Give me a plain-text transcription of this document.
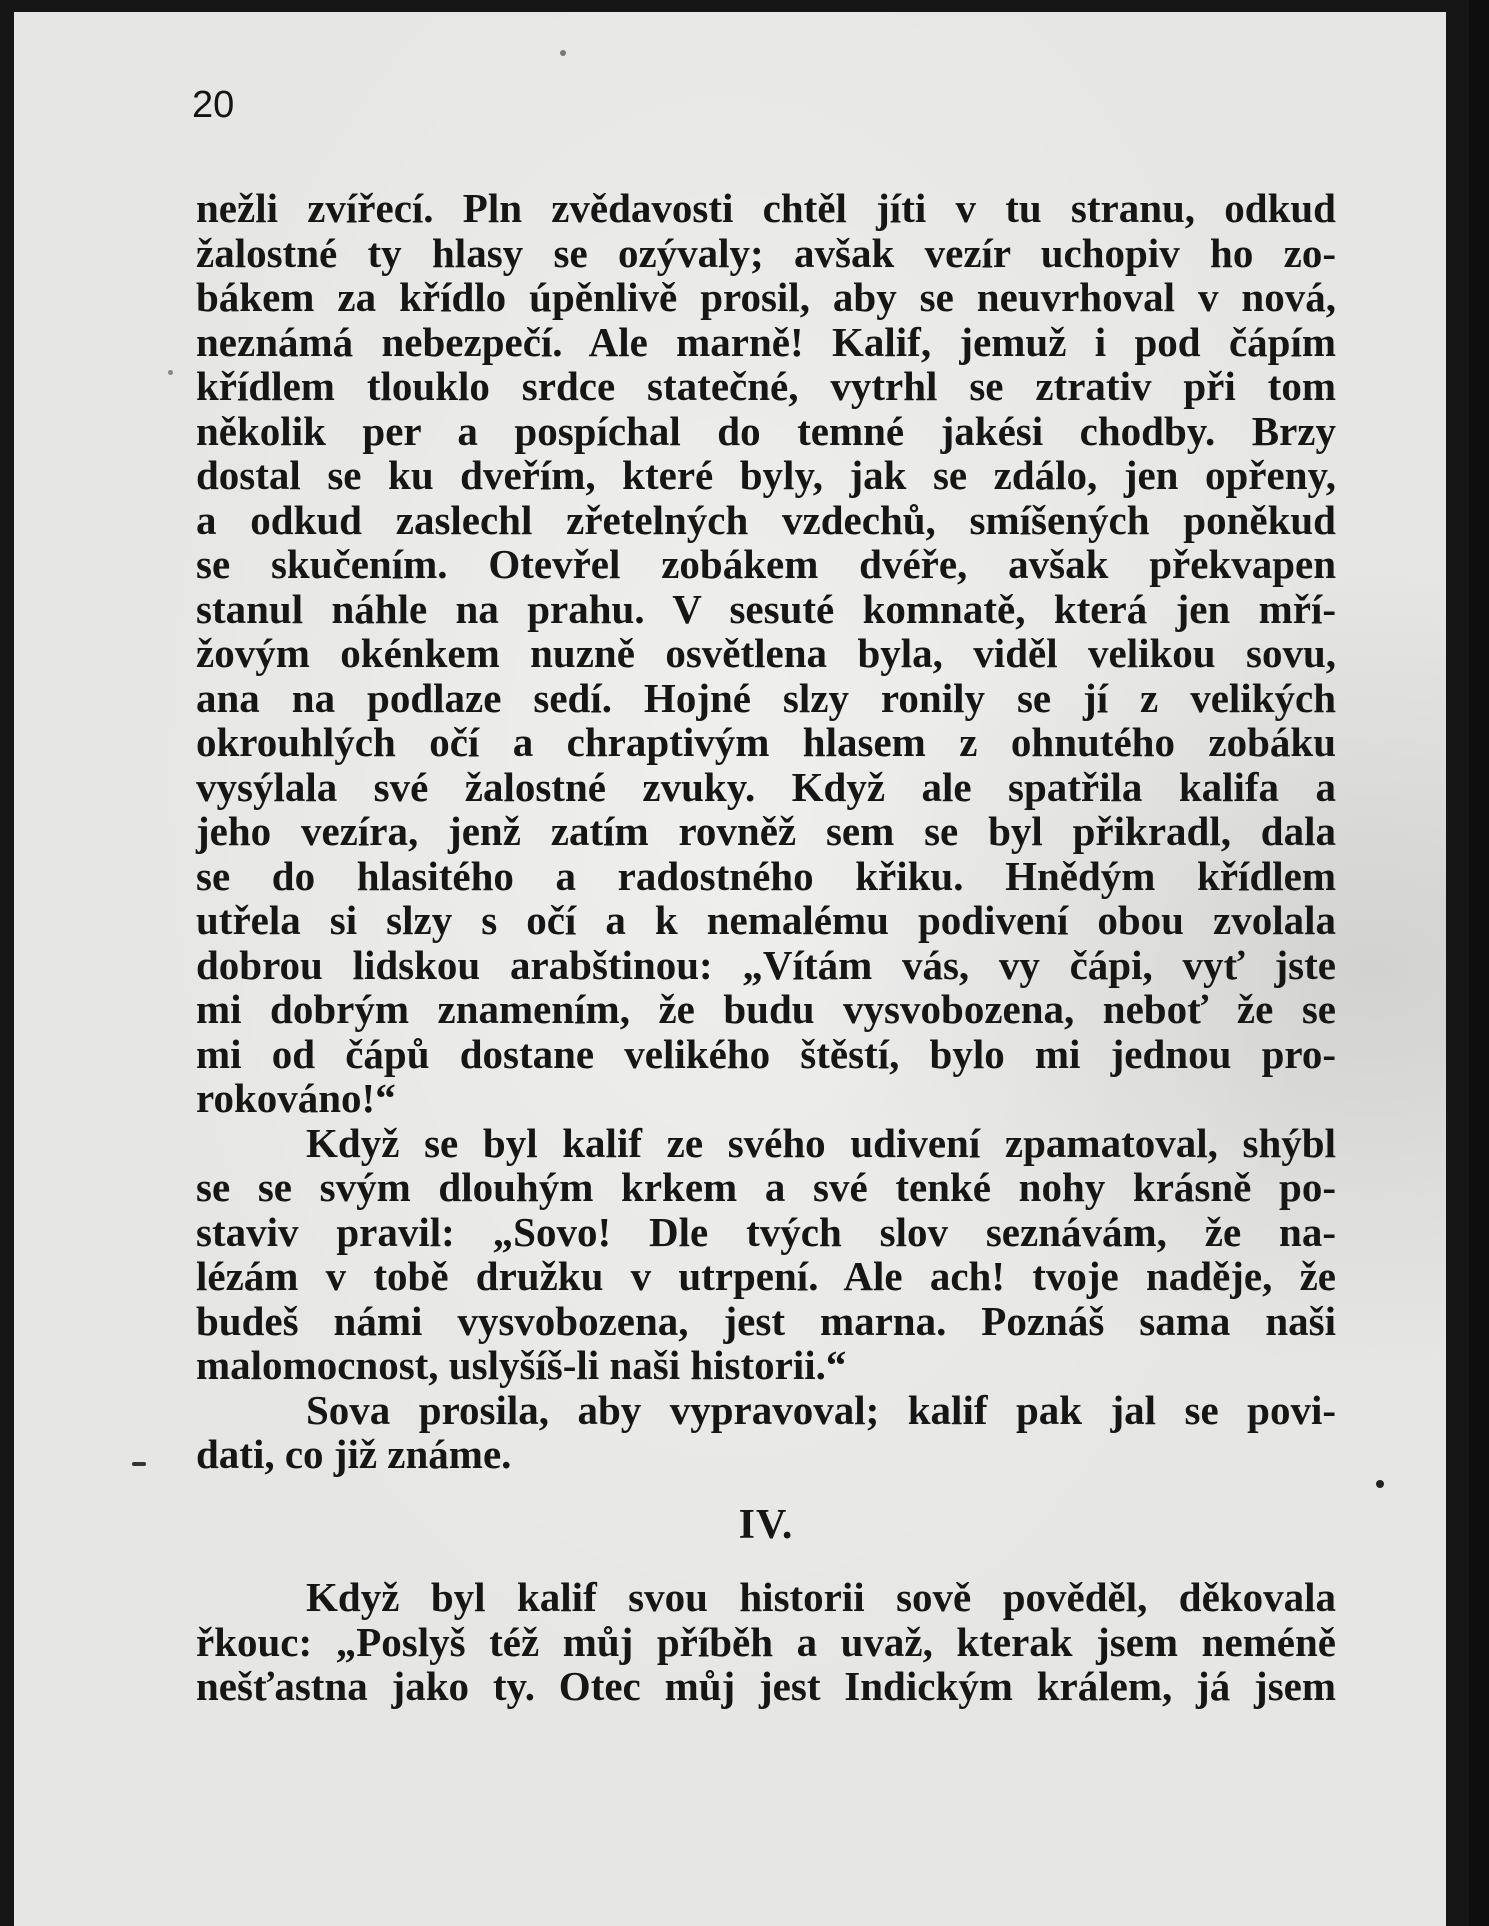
20

nežli zvířecí. Pln zvědavosti chtěl jíti v tu stranu, odkud
žalostné ty hlasy se ozývaly; avšak vezír uchopiv ho zo-
bákem za křídlo úpěnlivě prosil, aby se neuvrhoval v nová,
neznámá nebezpečí. Ale marně! Kalif, jemuž i pod čápím
křídlem tlouklo srdce statečné, vytrhl se ztrativ při tom
několik per a pospíchal do temné jakési chodby. Brzy
dostal se ku dveřím, které byly, jak se zdálo, jen opřeny,
a odkud zaslechl zřetelných vzdechů, smíšených poněkud
se skučením. Otevřel zobákem dvéře, avšak překvapen
stanul náhle na prahu. V sesuté komnatě, která jen mří-
žovým okénkem nuzně osvětlena byla, viděl velikou sovu,
ana na podlaze sedí. Hojné slzy ronily se jí z velikých
okrouhlých očí a chraptivým hlasem z ohnutého zobáku
vysýlala své žalostné zvuky. Když ale spatřila kalifa a
jeho vezíra, jenž zatím rovněž sem se byl přikradl, dala
se do hlasitého a radostného křiku. Hnědým křídlem
utřela si slzy s očí a k nemalému podivení obou zvolala
dobrou lidskou arabštinou: „Vítám vás, vy čápi, vyť jste
mi dobrým znamením, že budu vysvobozena, neboť že se
mi od čápů dostane velikého štěstí, bylo mi jednou pro-
rokováno!“

Když se byl kalif ze svého udivení zpamatoval, shýbl
se se svým dlouhým krkem a své tenké nohy krásně po-
staviv pravil: „Sovo! Dle tvých slov seznávám, že na-
lézám v tobě družku v utrpení. Ale ach! tvoje naděje, že
budeš námi vysvobozena, jest marna. Poznáš sama naši
malomocnost, uslyšíš-li naši historii.“

Sova prosila, aby vypravoval; kalif pak jal se povi-
dati, co již známe.

IV.

Když byl kalif svou historii sově pověděl, děkovala
řkouc: „Poslyš též můj příběh a uvaž, kterak jsem neméně
nešťastna jako ty. Otec můj jest Indickým králem, já jsem
